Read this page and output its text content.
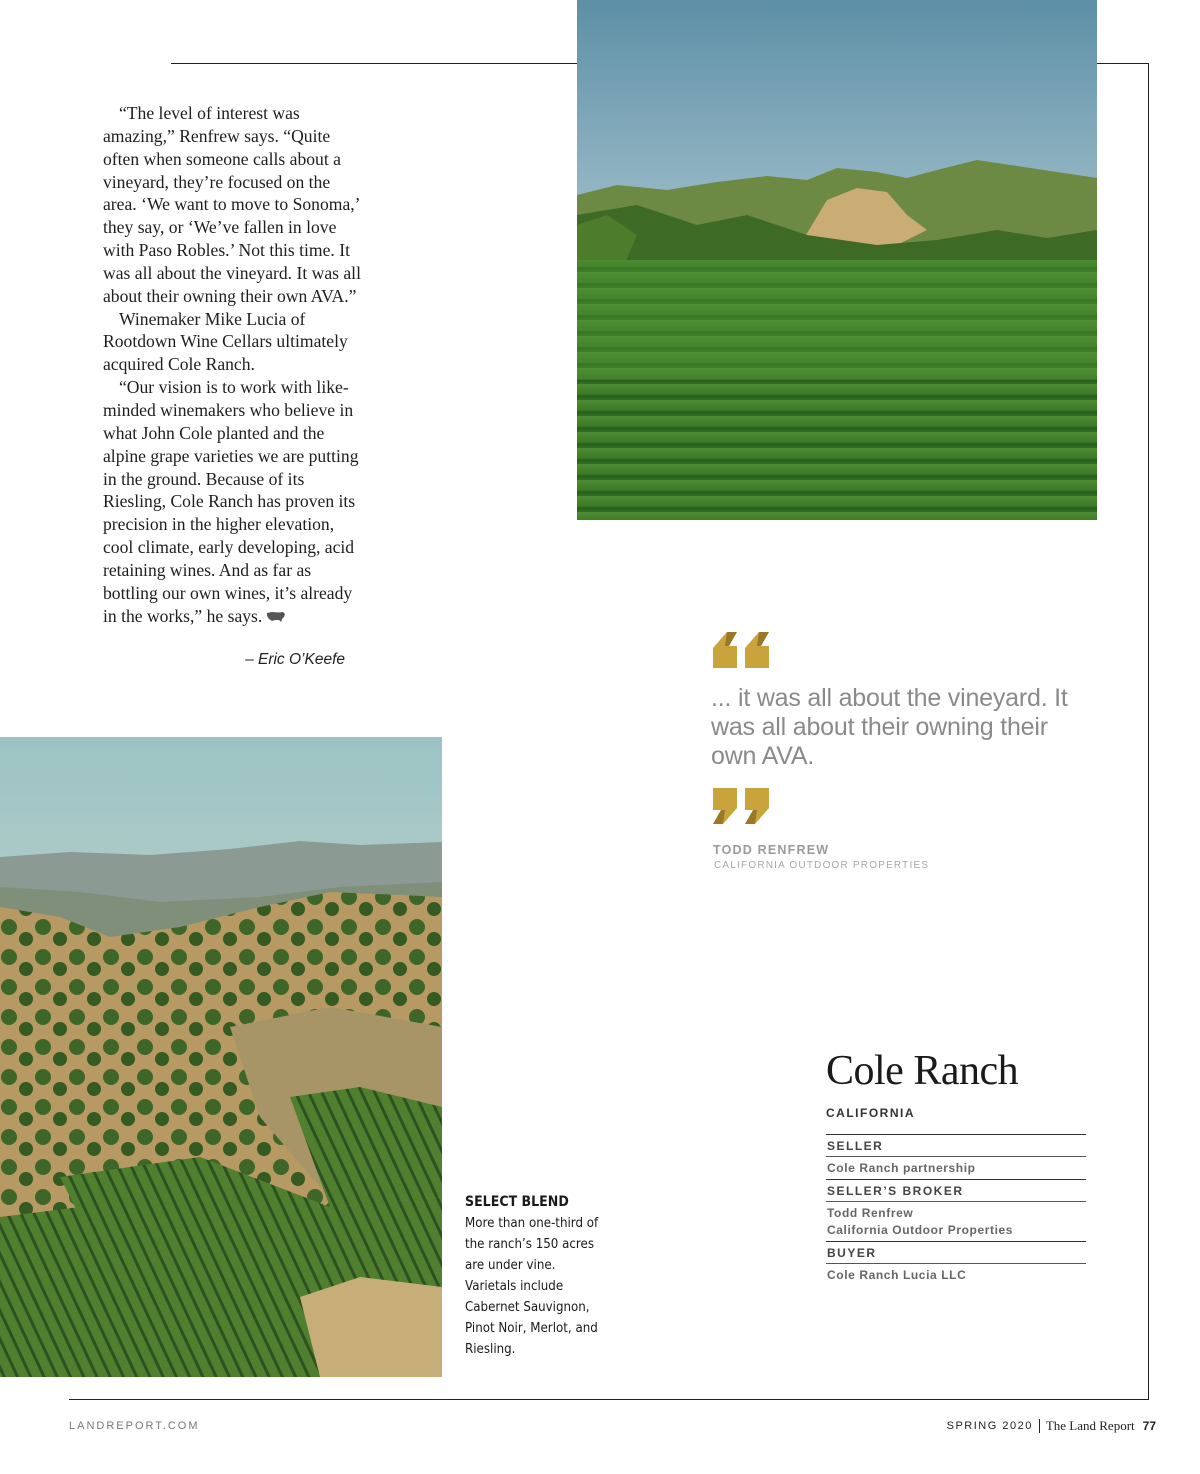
“The level of interest was amazing,” Renfrew says. “Quite often when someone calls about a vineyard, they’re focused on the area. ‘We want to move to Sonoma,’ they say, or ‘We’ve fallen in love with Paso Robles.’ Not this time. It was all about the vineyard. It was all about their owning their own AVA.”

Winemaker Mike Lucia of Rootdown Wine Cellars ultimately acquired Cole Ranch.

“Our vision is to work with like-minded winemakers who believe in what John Cole planted and the alpine grape varieties we are putting in the ground. Because of its Riesling, Cole Ranch has proven its precision in the higher elevation, cool climate, early developing, acid retaining wines. And as far as bottling our own wines, it’s already in the works,” he says.

– Eric O’Keefe
... it was all about the vineyard. It was all about their owning their own AVA.
TODD RENFREW
CALIFORNIA OUTDOOR PROPERTIES
SELECT BLEND
More than one-third of the ranch’s 150 acres are under vine. Varietals include Cabernet Sauvignon, Pinot Noir, Merlot, and Riesling.
Cole Ranch
CALIFORNIA
SELLER
Cole Ranch partnership
SELLER’S BROKER
Todd Renfrew
California Outdoor Properties
BUYER
Cole Ranch Lucia LLC
LANDREPORT.COM	SPRING 2020 The Land Report 77
